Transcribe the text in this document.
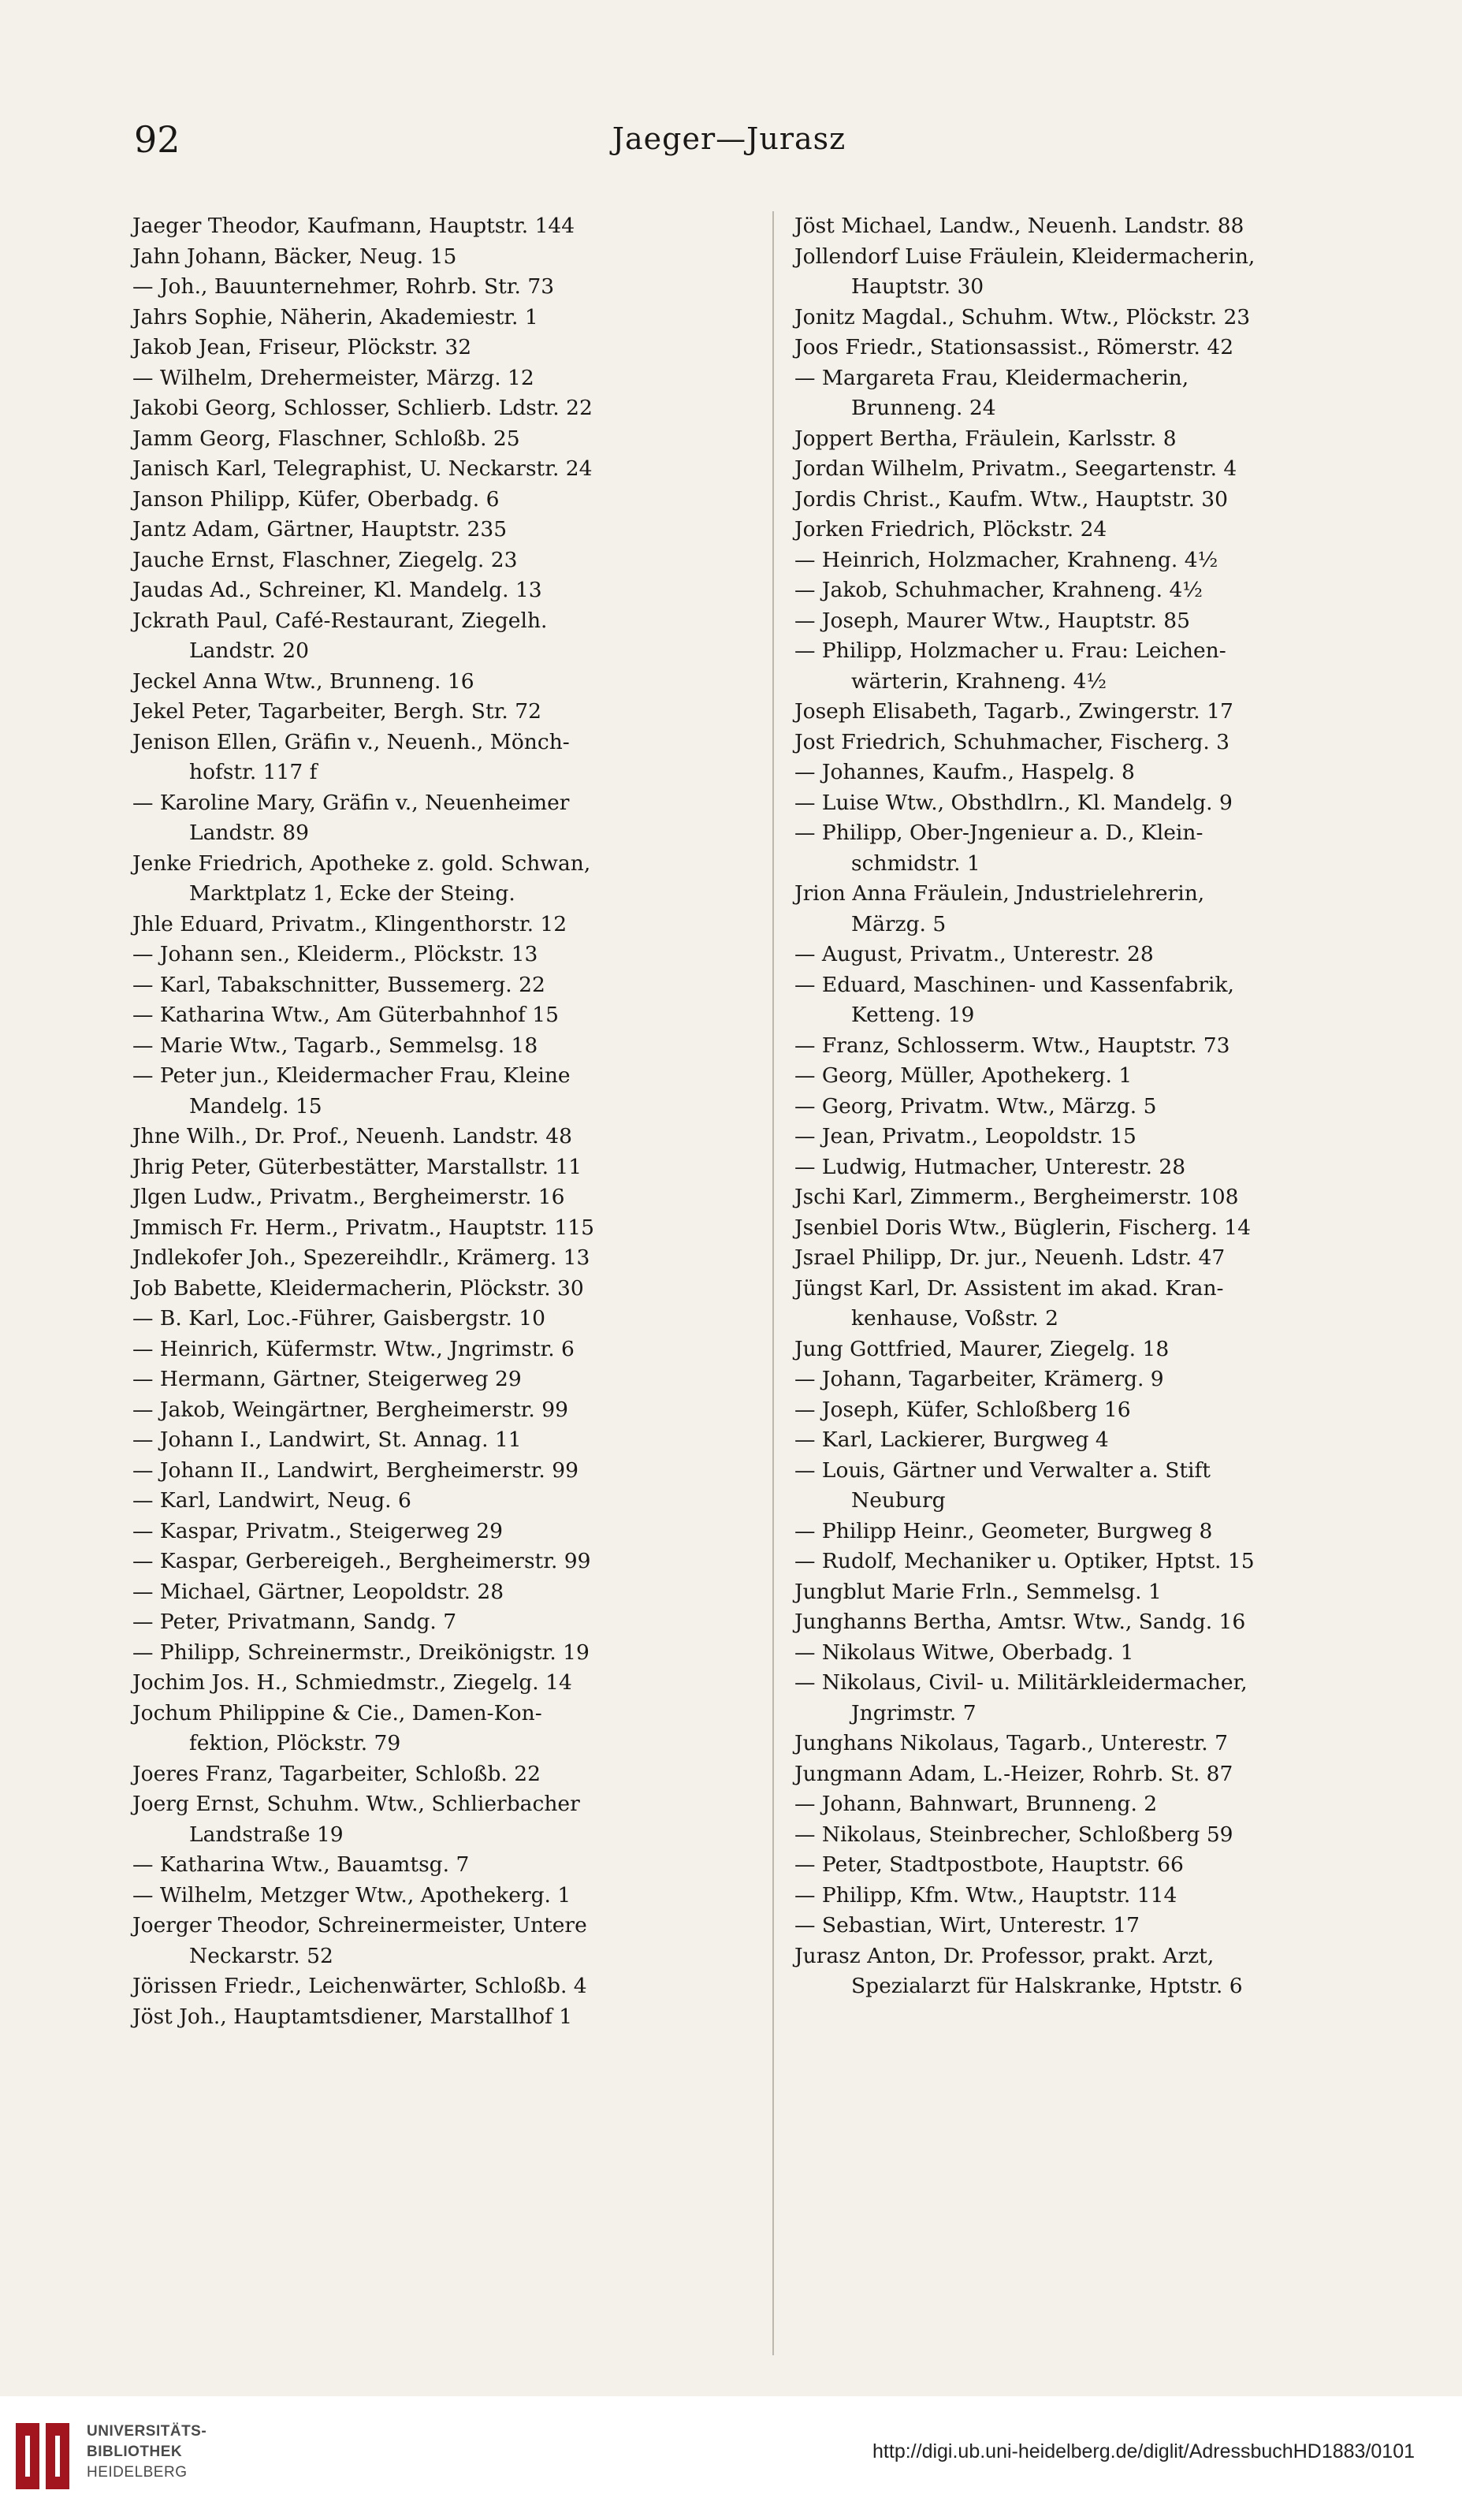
92	Jaeger—Jurasz
Jaeger Theodor, Kaufmann, Hauptstr. 144
Jahn Johann, Bäcker, Neug. 15
— Joh., Bauunternehmer, Rohrb. Str. 73
Jahrs Sophie, Näherin, Akademiestr. 1
Jakob Jean, Friseur, Plöckstr. 32
— Wilhelm, Drehermeister, Märzg. 12
Jakobi Georg, Schlosser, Schlierb. Ldstr. 22
Jamm Georg, Flaschner, Schloßb. 25
Janisch Karl, Telegraphist, U. Neckarstr. 24
Janson Philipp, Küfer, Oberbadg. 6
Jantz Adam, Gärtner, Hauptstr. 235
Jauche Ernst, Flaschner, Ziegelg. 23
Jaudas Ad., Schreiner, Kl. Mandelg. 13
Jckrath Paul, Café-Restaurant, Ziegelh.
Landstr. 20
Jeckel Anna Wtw., Brunneng. 16
Jekel Peter, Tagarbeiter, Bergh. Str. 72
Jenison Ellen, Gräfin v., Neuenh., Mönch-
hofstr. 117 f
— Karoline Mary, Gräfin v., Neuenheimer
Landstr. 89
Jenke Friedrich, Apotheke z. gold. Schwan,
Marktplatz 1, Ecke der Steing.
Jhle Eduard, Privatm., Klingenthorstr. 12
— Johann sen., Kleiderm., Plöckstr. 13
— Karl, Tabakschnitter, Bussemerg. 22
— Katharina Wtw., Am Güterbahnhof 15
— Marie Wtw., Tagarb., Semmelsg. 18
— Peter jun., Kleidermacher Frau, Kleine
Mandelg. 15
Jhne Wilh., Dr. Prof., Neuenh. Landstr. 48
Jhrig Peter, Güterbestätter, Marstallstr. 11
Jlgen Ludw., Privatm., Bergheimerstr. 16
Jmmisch Fr. Herm., Privatm., Hauptstr. 115
Jndlekofer Joh., Spezereihdlr., Krämerg. 13
Job Babette, Kleidermacherin, Plöckstr. 30
— B. Karl, Loc.-Führer, Gaisbergstr. 10
— Heinrich, Küfermstr. Wtw., Jngrimstr. 6
— Hermann, Gärtner, Steigerweg 29
— Jakob, Weingärtner, Bergheimerstr. 99
— Johann I., Landwirt, St. Annag. 11
— Johann II., Landwirt, Bergheimerstr. 99
— Karl, Landwirt, Neug. 6
— Kaspar, Privatm., Steigerweg 29
— Kaspar, Gerbereigeh., Bergheimerstr. 99
— Michael, Gärtner, Leopoldstr. 28
— Peter, Privatmann, Sandg. 7
— Philipp, Schreinermstr., Dreikönigstr. 19
Jochim Jos. H., Schmiedmstr., Ziegelg. 14
Jochum Philippine & Cie., Damen-Kon-
fektion, Plöckstr. 79
Joeres Franz, Tagarbeiter, Schloßb. 22
Joerg Ernst, Schuhm. Wtw., Schlierbacher
Landstraße 19
— Katharina Wtw., Bauamtsg. 7
— Wilhelm, Metzger Wtw., Apothekerg. 1
Joerger Theodor, Schreinermeister, Untere
Neckarstr. 52
Jörissen Friedr., Leichenwärter, Schloßb. 4
Jöst Joh., Hauptamtsdiener, Marstallhof 1
Jöst Michael, Landw., Neuenh. Landstr. 88
Jollendorf Luise Fräulein, Kleidermacherin,
Hauptstr. 30
Jonitz Magdal., Schuhm. Wtw., Plöckstr. 23
Joos Friedr., Stationsassist., Römerstr. 42
— Margareta Frau, Kleidermacherin,
Brunneng. 24
Joppert Bertha, Fräulein, Karlsstr. 8
Jordan Wilhelm, Privatm., Seegartenstr. 4
Jordis Christ., Kaufm. Wtw., Hauptstr. 30
Jorken Friedrich, Plöckstr. 24
— Heinrich, Holzmacher, Krahneng. 4½
— Jakob, Schuhmacher, Krahneng. 4½
— Joseph, Maurer Wtw., Hauptstr. 85
— Philipp, Holzmacher u. Frau: Leichen-
wärterin, Krahneng. 4½
Joseph Elisabeth, Tagarb., Zwingerstr. 17
Jost Friedrich, Schuhmacher, Fischerg. 3
— Johannes, Kaufm., Haspelg. 8
— Luise Wtw., Obsthdlrn., Kl. Mandelg. 9
— Philipp, Ober-Jngenieur a. D., Klein-
schmidstr. 1
Jrion Anna Fräulein, Jndustrielehrerin,
Märzg. 5
— August, Privatm., Unterestr. 28
— Eduard, Maschinen- und Kassenfabrik,
Ketteng. 19
— Franz, Schlosserm. Wtw., Hauptstr. 73
— Georg, Müller, Apothekerg. 1
— Georg, Privatm. Wtw., Märzg. 5
— Jean, Privatm., Leopoldstr. 15
— Ludwig, Hutmacher, Unterestr. 28
Jschi Karl, Zimmerm., Bergheimerstr. 108
Jsenbiel Doris Wtw., Büglerin, Fischerg. 14
Jsrael Philipp, Dr. jur., Neuenh. Ldstr. 47
Jüngst Karl, Dr. Assistent im akad. Kran-
kenhause, Voßstr. 2
Jung Gottfried, Maurer, Ziegelg. 18
— Johann, Tagarbeiter, Krämerg. 9
— Joseph, Küfer, Schloßberg 16
— Karl, Lackierer, Burgweg 4
— Louis, Gärtner und Verwalter a. Stift
Neuburg
— Philipp Heinr., Geometer, Burgweg 8
— Rudolf, Mechaniker u. Optiker, Hptst. 15
Jungblut Marie Frln., Semmelsg. 1
Junghanns Bertha, Amtsr. Wtw., Sandg. 16
— Nikolaus Witwe, Oberbadg. 1
— Nikolaus, Civil- u. Militärkleidermacher,
Jngrimstr. 7
Junghans Nikolaus, Tagarb., Unterestr. 7
Jungmann Adam, L.-Heizer, Rohrb. St. 87
— Johann, Bahnwart, Brunneng. 2
— Nikolaus, Steinbrecher, Schloßberg 59
— Peter, Stadtpostbote, Hauptstr. 66
— Philipp, Kfm. Wtw., Hauptstr. 114
— Sebastian, Wirt, Unterestr. 17
Jurasz Anton, Dr. Professor, prakt. Arzt,
Spezialarzt für Halskranke, Hptstr. 6
UNIVERSITÄTS-
BIBLIOTHEK
HEIDELBERG
http://digi.ub.uni-heidelberg.de/diglit/AdressbuchHD1883/0101
